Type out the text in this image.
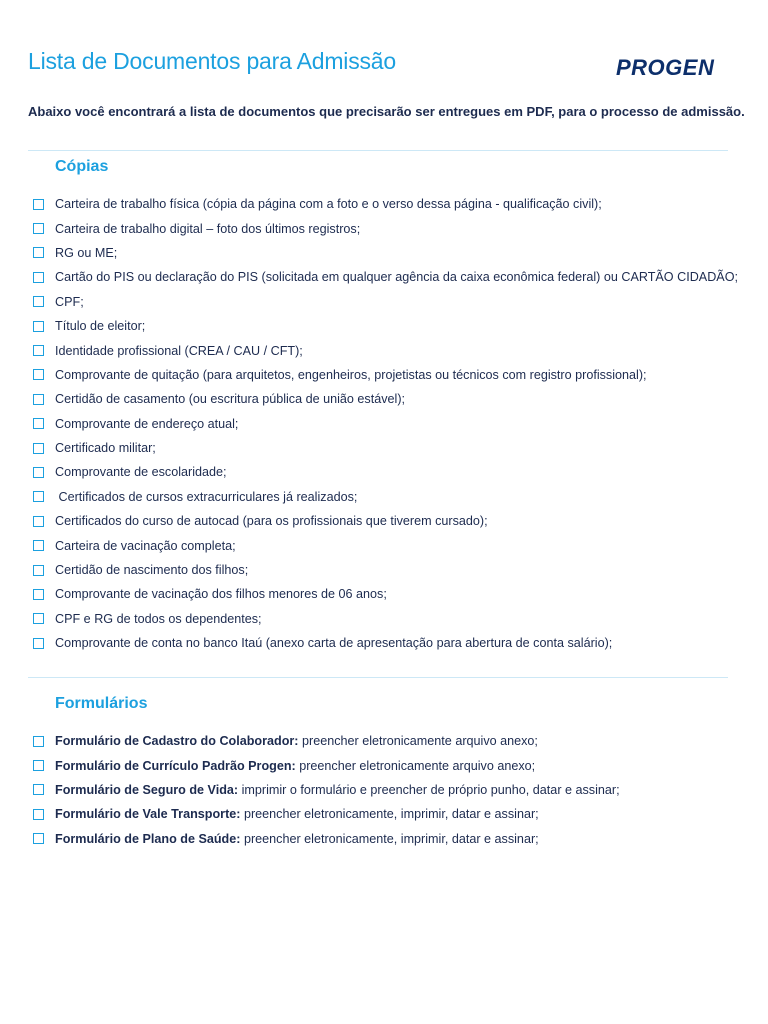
Lista de Documentos para Admissão	PROGEN
Abaixo você encontrará a lista de documentos que precisarão ser entregues em PDF, para o processo de admissão.
Cópias
Carteira de trabalho física (cópia da página com a foto e o verso dessa página - qualificação civil);
Carteira de trabalho digital – foto dos últimos registros;
RG ou ME;
Cartão do PIS ou declaração do PIS (solicitada em qualquer agência da caixa econômica federal) ou CARTÃO CIDADÃO;
CPF;
Título de eleitor;
Identidade profissional (CREA / CAU / CFT);
Comprovante de quitação (para arquitetos, engenheiros, projetistas ou técnicos com registro profissional);
Certidão de casamento (ou escritura pública de união estável);
Comprovante de endereço atual;
Certificado militar;
Comprovante de escolaridade;
Certificados de cursos extracurriculares já realizados;
Certificados do curso de autocad (para os profissionais que tiverem cursado);
Carteira de vacinação completa;
Certidão de nascimento dos filhos;
Comprovante de vacinação dos filhos menores de 06 anos;
CPF e RG de todos os dependentes;
Comprovante de conta no banco Itaú (anexo carta de apresentação para abertura de conta salário);
Formulários
Formulário de Cadastro do Colaborador: preencher eletronicamente arquivo anexo;
Formulário de Currículo Padrão Progen: preencher eletronicamente arquivo anexo;
Formulário de Seguro de Vida: imprimir o formulário e preencher de próprio punho, datar e assinar;
Formulário de Vale Transporte: preencher eletronicamente, imprimir, datar e assinar;
Formulário de Plano de Saúde: preencher eletronicamente, imprimir, datar e assinar;
